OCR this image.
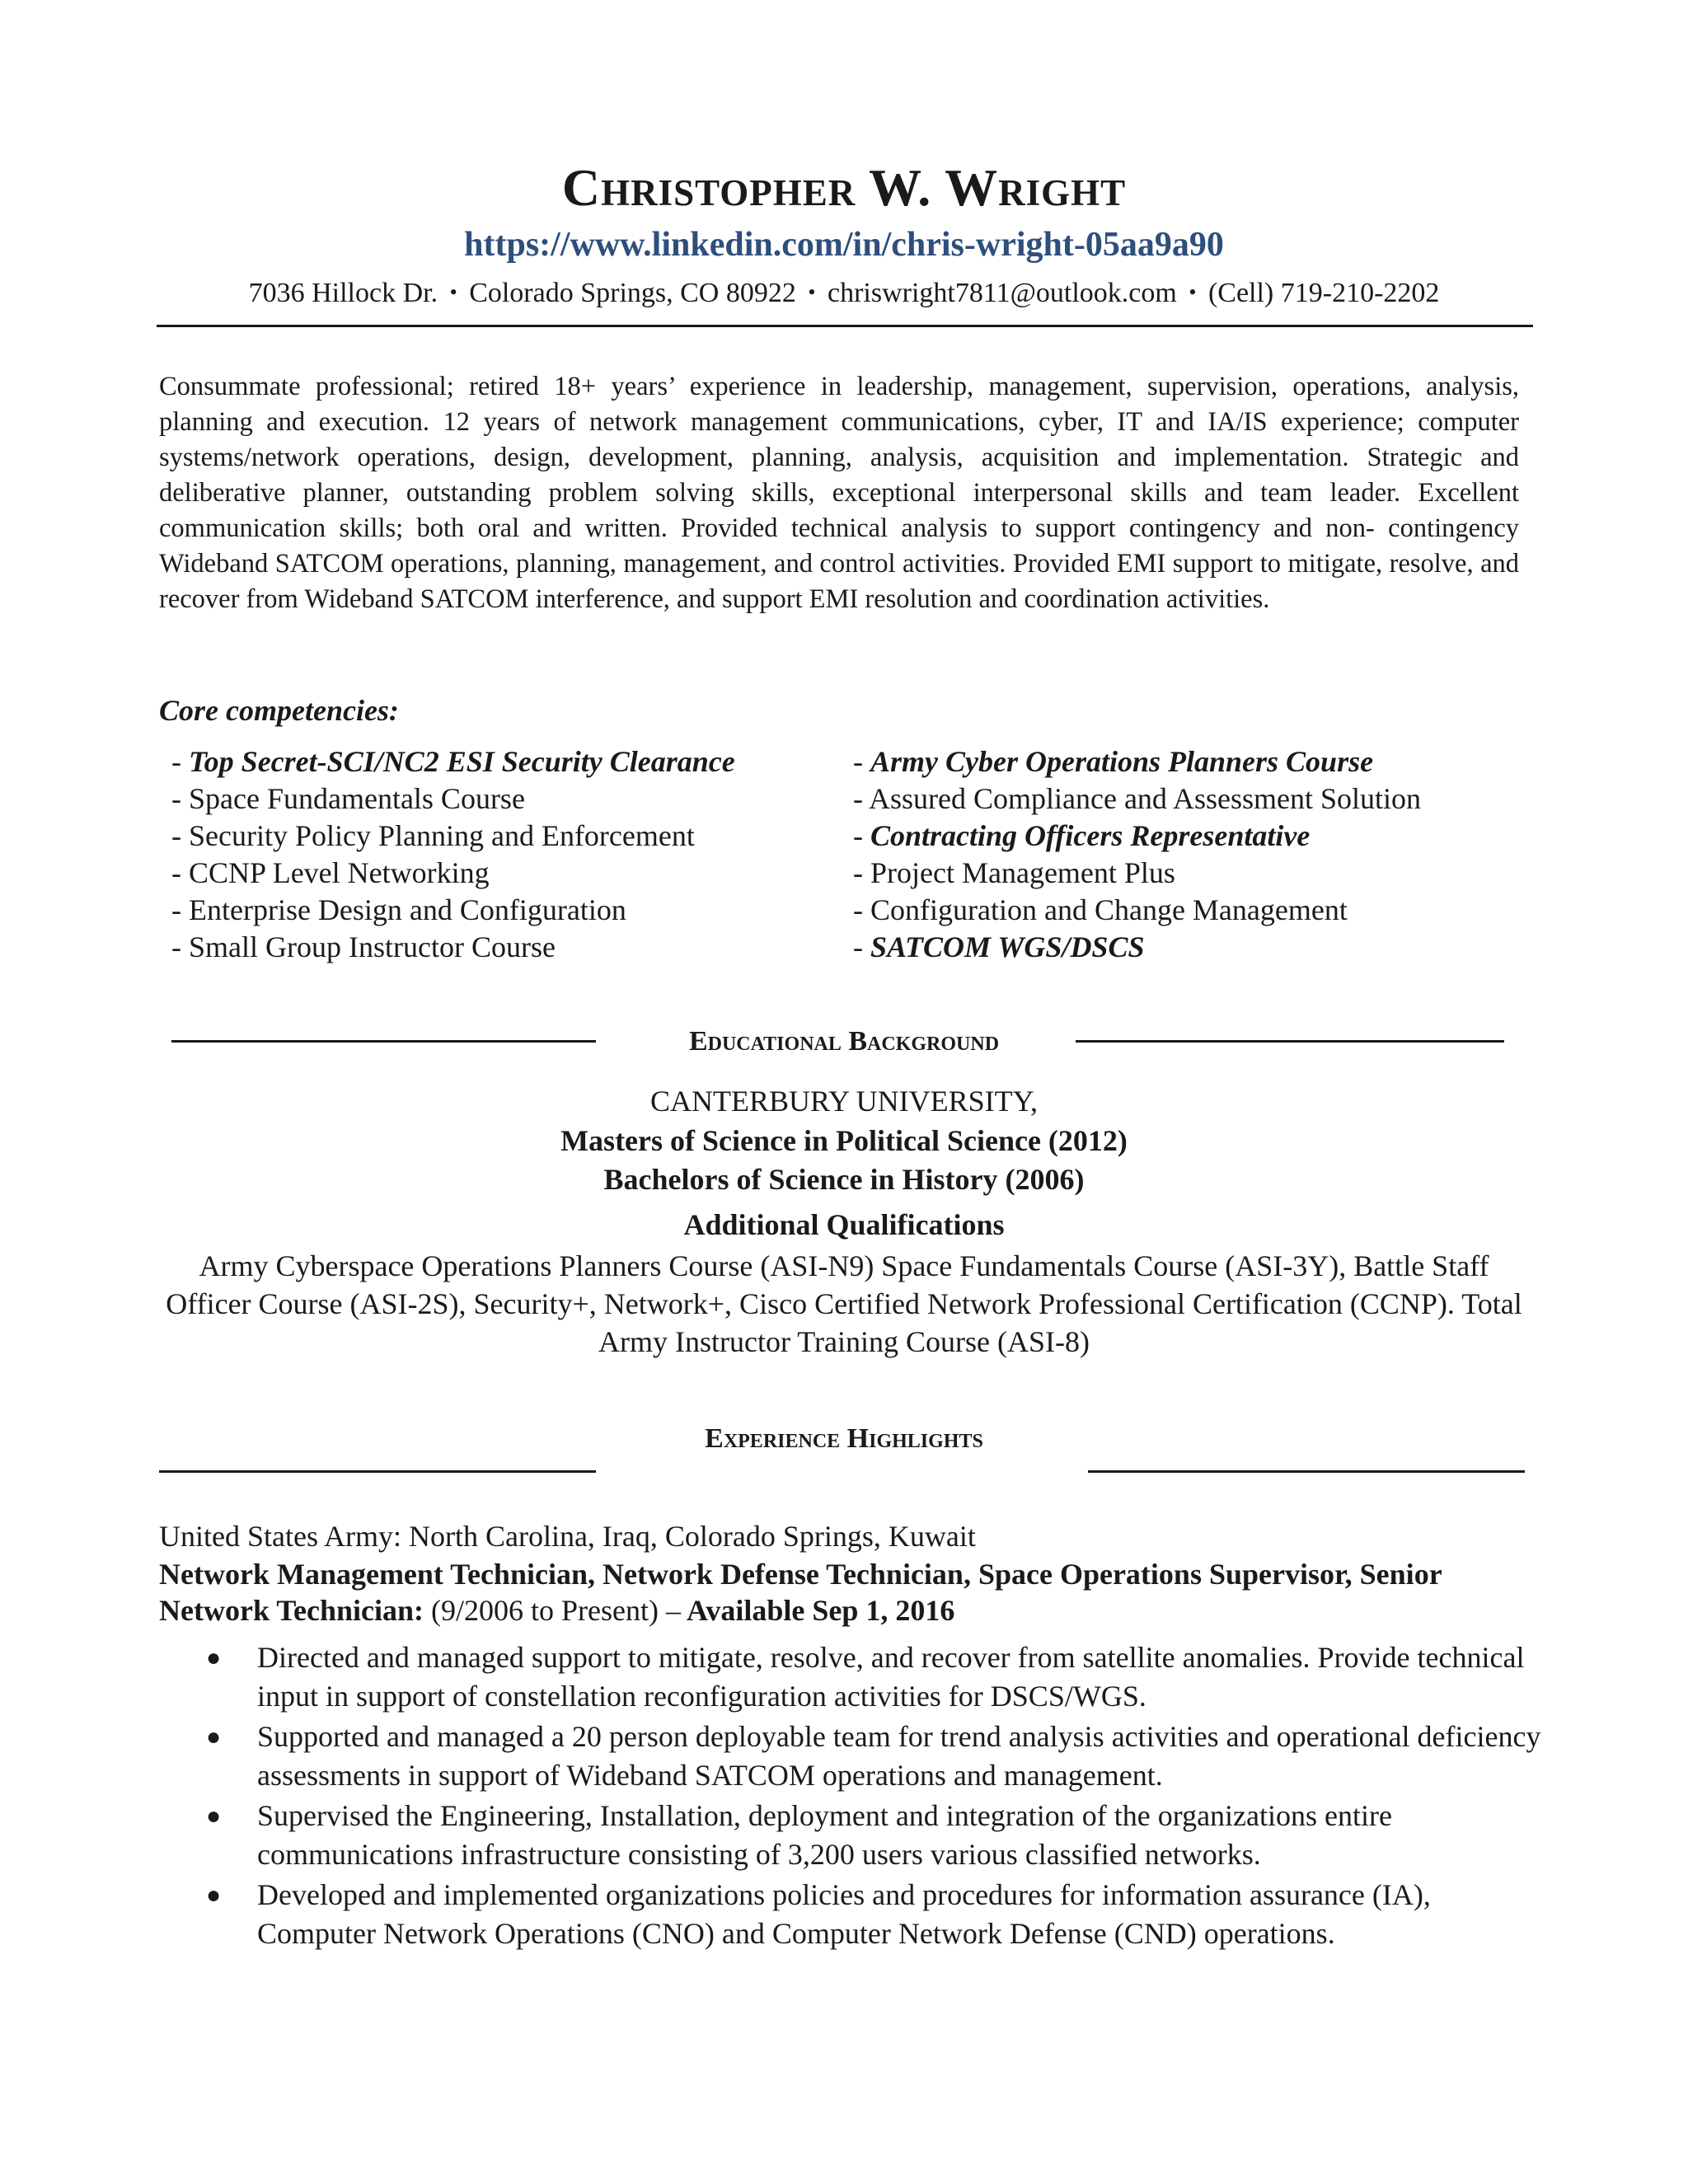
Christopher W. Wright
https://www.linkedin.com/in/chris-wright-05aa9a90
7036 Hillock Dr. • Colorado Springs, CO 80922 • chriswright7811@outlook.com • (Cell) 719-210-2202
Consummate professional; retired 18+ years’ experience in leadership, management, supervision, operations, analysis, planning and execution. 12 years of network management communications, cyber, IT and IA/IS experience; computer systems/network operations, design, development, planning, analysis, acquisition and implementation. Strategic and deliberative planner, outstanding problem solving skills, exceptional interpersonal skills and team leader. Excellent communication skills; both oral and written. Provided technical analysis to support contingency and non- contingency Wideband SATCOM operations, planning, management, and control activities. Provided EMI support to mitigate, resolve, and recover from Wideband SATCOM interference, and support EMI resolution and coordination activities.
Core competencies:
- Top Secret-SCI/NC2 ESI Security Clearance
- Space Fundamentals Course
- Security Policy Planning and Enforcement
- CCNP Level Networking
- Enterprise Design and Configuration
- Small Group Instructor Course
- Army Cyber Operations Planners Course
- Assured Compliance and Assessment Solution
- Contracting Officers Representative
- Project Management Plus
- Configuration and Change Management
- SATCOM WGS/DSCS
Educational Background
CANTERBURY UNIVERSITY,
Masters of Science in Political Science (2012)
Bachelors of Science in History (2006)
Additional Qualifications
Army Cyberspace Operations Planners Course (ASI-N9) Space Fundamentals Course (ASI-3Y), Battle Staff Officer Course (ASI-2S), Security+, Network+, Cisco Certified Network Professional Certification (CCNP). Total Army Instructor Training Course (ASI-8)
Experience Highlights
United States Army: North Carolina, Iraq, Colorado Springs, Kuwait
Network Management Technician, Network Defense Technician, Space Operations Supervisor, Senior Network Technician: (9/2006 to Present) – Available Sep 1, 2016
● Directed and managed support to mitigate, resolve, and recover from satellite anomalies. Provide technical input in support of constellation reconfiguration activities for DSCS/WGS.
● Supported and managed a 20 person deployable team for trend analysis activities and operational deficiency assessments in support of Wideband SATCOM operations and management.
● Supervised the Engineering, Installation, deployment and integration of the organizations entire communications infrastructure consisting of 3,200 users various classified networks.
● Developed and implemented organizations policies and procedures for information assurance (IA), Computer Network Operations (CNO) and Computer Network Defense (CND) operations.
